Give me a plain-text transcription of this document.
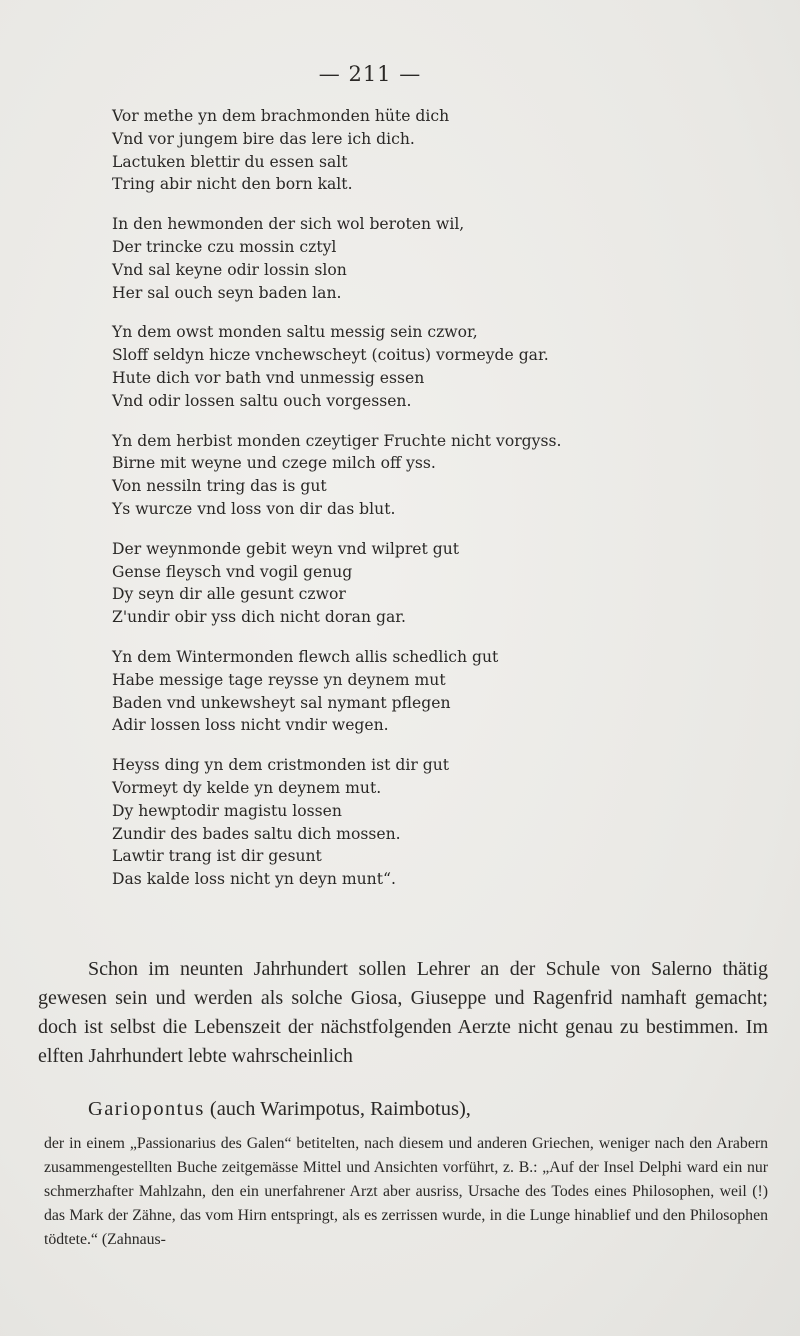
— 211 —
Vor methe yn dem brachmonden hüte dich
Vnd vor jungem bire das lere ich dich.
Lactuken blettir du essen salt
Tring abir nicht den born kalt.
In den hewmonden der sich wol beroten wil,
Der trincke czu mossin cztyl
Vnd sal keyne odir lossin slon
Her sal ouch seyn baden lan.
Yn dem owst monden saltu messig sein czwor,
Sloff seldyn hicze vnchewscheyt (coitus) vormeyde gar.
Hute dich vor bath vnd unmessig essen
Vnd odir lossen saltu ouch vorgessen.
Yn dem herbist monden czeytiger Fruchte nicht vorgyss.
Birne mit weyne und czege milch off yss.
Von nessiln tring das is gut
Ys wurcze vnd loss von dir das blut.
Der weynmonde gebit weyn vnd wilpret gut
Gense fleysch vnd vogil genug
Dy seyn dir alle gesunt czwor
Z'undir obir yss dich nicht doran gar.
Yn dem Wintermonden flewch allis schedlich gut
Habe messige tage reysse yn deynem mut
Baden vnd unkewsheyt sal nymant pflegen
Adir lossen loss nicht vndir wegen.
Heyss ding yn dem cristmonden ist dir gut
Vormeyt dy kelde yn deynem mut.
Dy hewptodir magistu lossen
Zundir des bades saltu dich mossen.
Lawtir trang ist dir gesunt
Das kalde loss nicht yn deyn munt“.

Schon im neunten Jahrhundert sollen Lehrer an der Schule von Salerno thätig gewesen sein und werden als solche Giosa, Giuseppe und Ragenfrid namhaft gemacht; doch ist selbst die Lebenszeit der nächstfolgenden Aerzte nicht genau zu bestimmen. Im elften Jahrhundert lebte wahrscheinlich

Gariopontus (auch Warimpotus, Raimbotus),

der in einem „Passionarius des Galen“ betitelten, nach diesem und anderen Griechen, weniger nach den Arabern zusammengestellten Buche zeitgemässe Mittel und Ansichten vorführt, z. B.: „Auf der Insel Delphi ward ein nur schmerzhafter Mahlzahn, den ein unerfahrener Arzt aber ausriss, Ursache des Todes eines Philosophen, weil (!) das Mark der Zähne, das vom Hirn entspringt, als es zerrissen wurde, in die Lunge hinablief und den Philosophen tödtete.“ (Zahnaus-
